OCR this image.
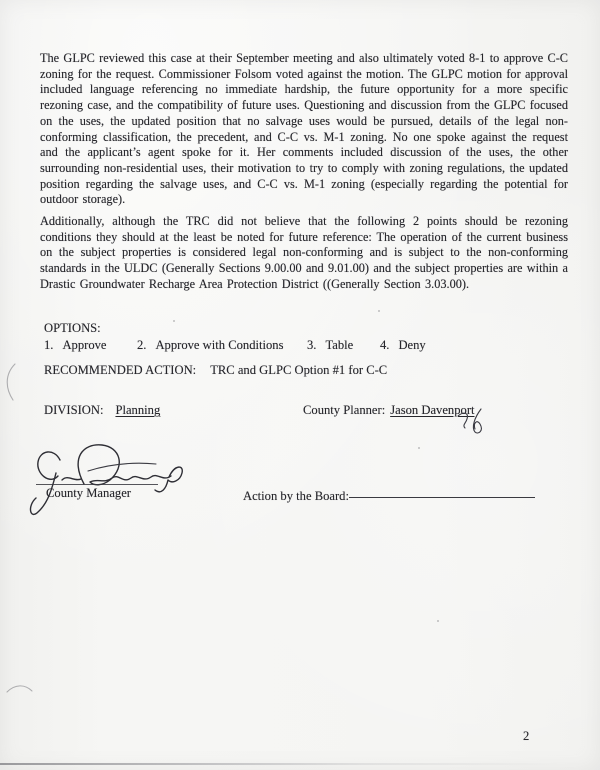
The GLPC reviewed this case at their September meeting and also ultimately voted 8-1 to approve C-C zoning for the request. Commissioner Folsom voted against the motion. The GLPC motion for approval included language referencing no immediate hardship, the future opportunity for a more specific rezoning case, and the compatibility of future uses. Questioning and discussion from the GLPC focused on the uses, the updated position that no salvage uses would be pursued, details of the legal non-conforming classification, the precedent, and C-C vs. M-1 zoning. No one spoke against the request and the applicant’s agent spoke for it. Her comments included discussion of the uses, the other surrounding non-residential uses, their motivation to try to comply with zoning regulations, the updated position regarding the salvage uses, and C-C vs. M-1 zoning (especially regarding the potential for outdoor storage).

Additionally, although the TRC did not believe that the following 2 points should be rezoning conditions they should at the least be noted for future reference: The operation of the current business on the subject properties is considered legal non-conforming and is subject to the non-conforming standards in the ULDC (Generally Sections 9.00.00 and 9.01.00) and the subject properties are within a Drastic Groundwater Recharge Area Protection District ((Generally Section 3.03.00).

OPTIONS:
1. Approve 2. Approve with Conditions 3. Table 4. Deny
RECOMMENDED ACTION: TRC and GLPC Option #1 for C-C
DIVISION: Planning	County Planner: Jason Davenport
County Manager	Action by the Board:
2
